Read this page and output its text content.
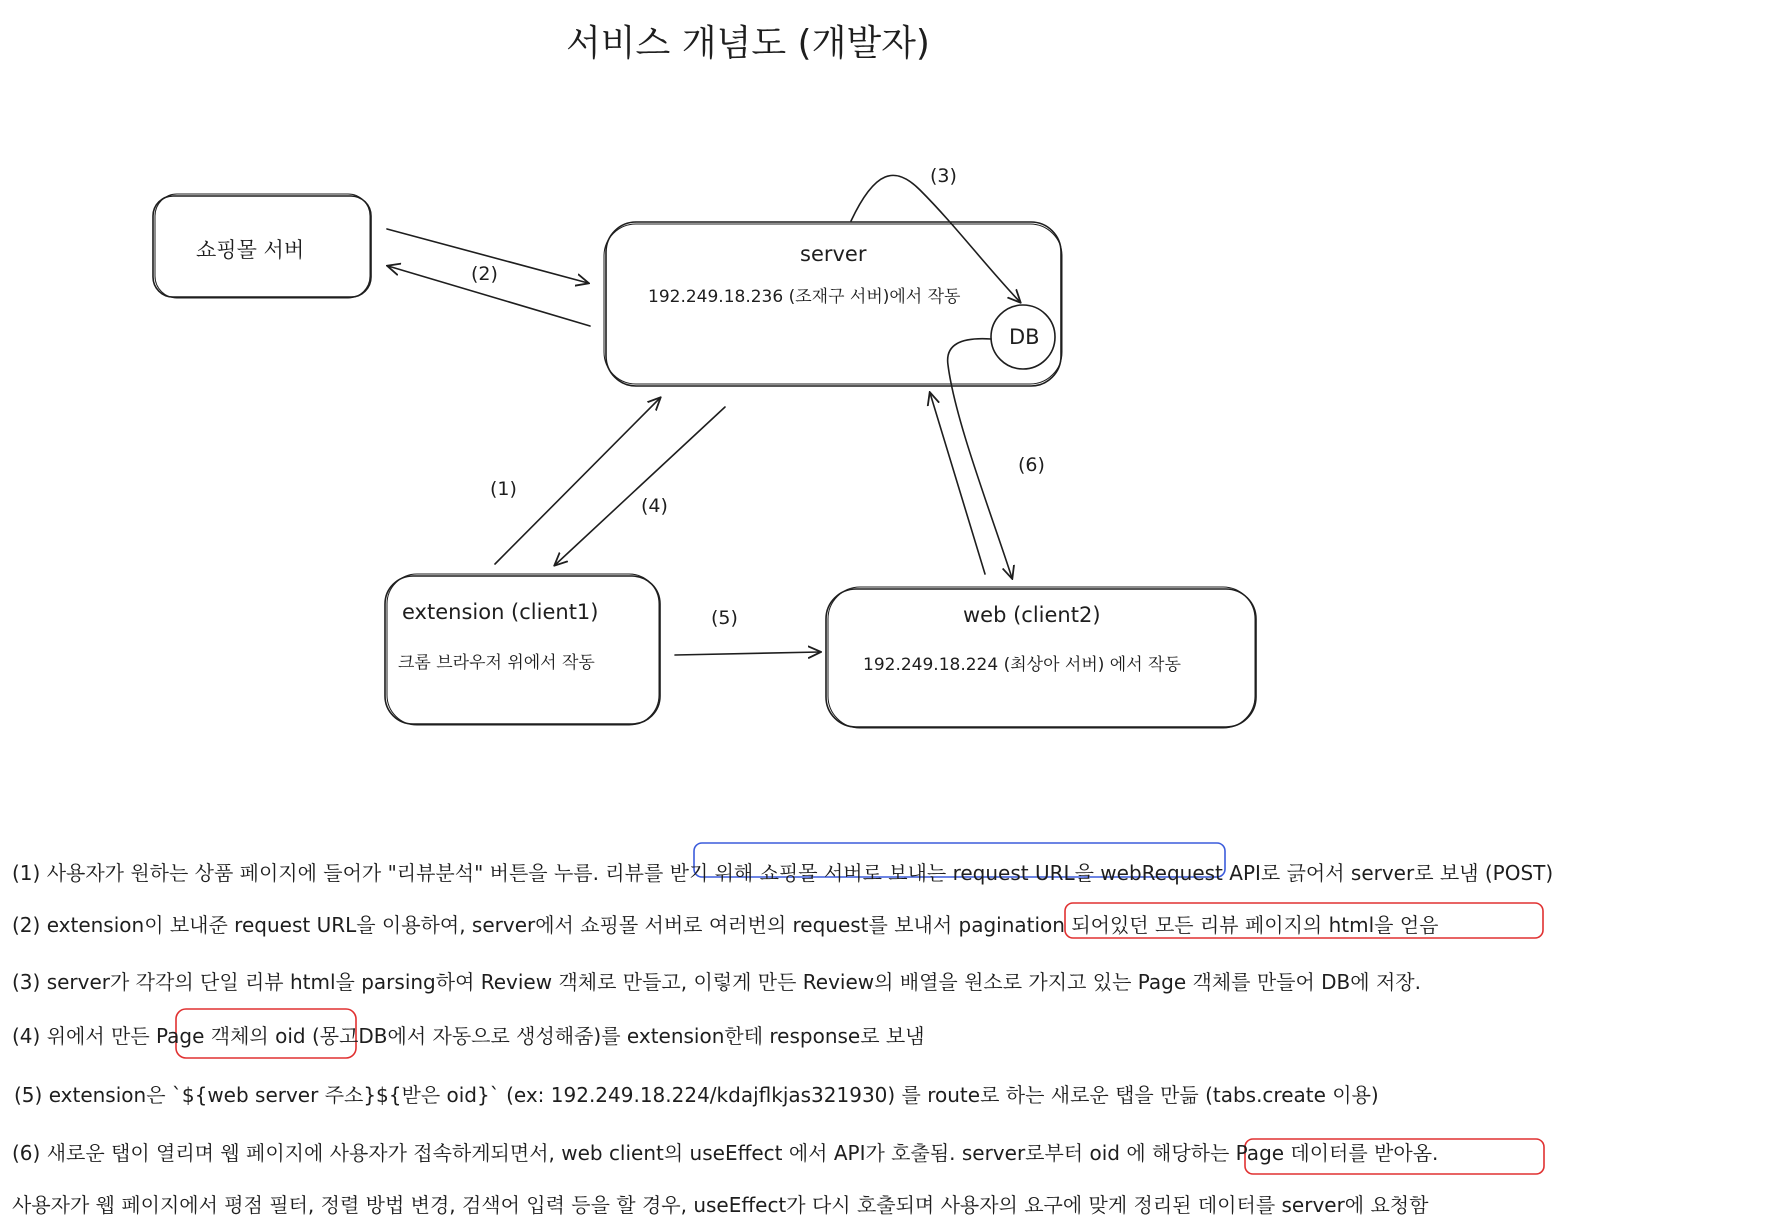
서비스 개념도 (개발자)
쇼핑몰 서버	server
192.249.18.236 (조재구 서버)에서 작동
DB
extension (client1)
크롬 브라우저 위에서 작동
web (client2)
192.249.18.224 (최상아 서버) 에서 작동
(1)
(2)
(3)
(4)
(5)
(6)
(1) 사용자가 원하는 상품 페이지에 들어가 "리뷰분석" 버튼을 누름. 리뷰를 받기 위해 쇼핑몰 서버로 보내는 request URL을 webRequest API로 긁어서 server로 보냄 (POST)
(2) extension이 보내준 request URL을 이용하여, server에서 쇼핑몰 서버로 여러번의 request를 보내서 pagination 되어있던 모든 리뷰 페이지의 html을 얻음
(3) server가 각각의 단일 리뷰 html을 parsing하여 Review 객체로 만들고, 이렇게 만든 Review의 배열을 원소로 가지고 있는 Page 객체를 만들어 DB에 저장.
(4) 위에서 만든 Page 객체의 oid (몽고DB에서 자동으로 생성해줌)를 extension한테 response로 보냄
(5) extension은 `${web server 주소}${받은 oid}` (ex: 192.249.18.224/kdajflkjas321930) 를 route로 하는 새로운 탭을 만듦 (tabs.create 이용)
(6) 새로운 탭이 열리며 웹 페이지에 사용자가 접속하게되면서, web client의 useEffect 에서 API가 호출됨. server로부터 oid 에 해당하는 Page 데이터를 받아옴.
사용자가 웹 페이지에서 평점 필터, 정렬 방법 변경, 검색어 입력 등을 할 경우, useEffect가 다시 호출되며 사용자의 요구에 맞게 정리된 데이터를 server에 요청함
